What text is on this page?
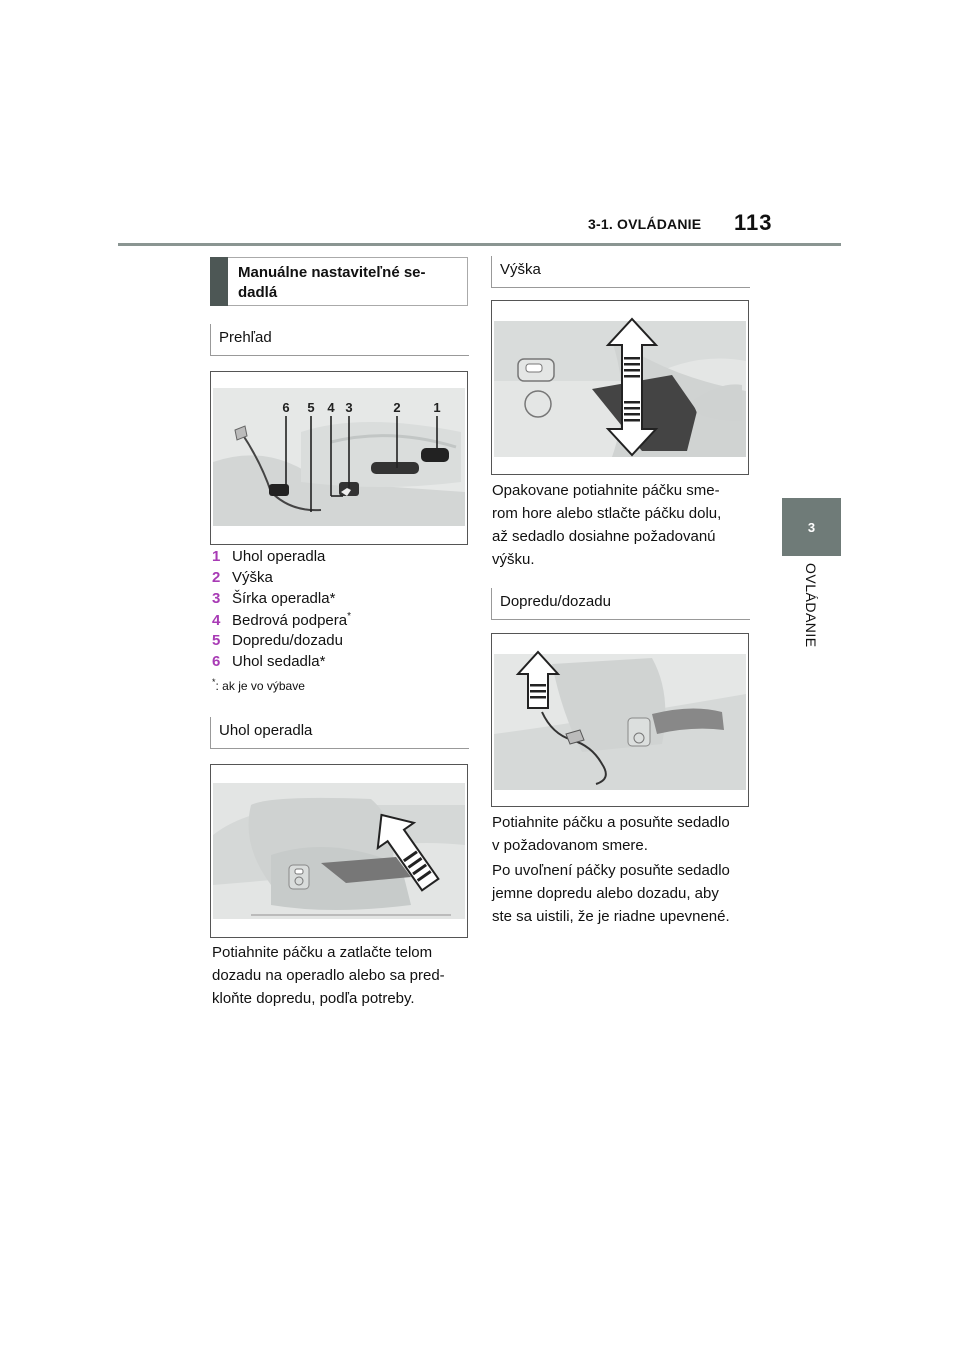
3-1. OVLÁDANIE 113
3
OVLÁDANIE
Manuálne nastaviteľné se-
dadlá
Prehľad
6 5 4 3	2	1
1 Uhol operadla
2 Výška
3 Šírka operadla*
4 Bedrová podpera*
5 Dopredu/dozadu
6 Uhol sedadla*
*: ak je vo výbave
Uhol operadla
Potiahnite páčku a zatlačte telom
dozadu na operadlo alebo sa pred-
kloňte dopredu, podľa potreby.
Výška
Opakovane potiahnite páčku sme-
rom hore alebo stlačte páčku dolu,
až sedadlo dosiahne požadovanú
výšku.
Dopredu/dozadu
Potiahnite páčku a posuňte sedadlo
v požadovanom smere.
Po uvoľnení páčky posuňte sedadlo
jemne dopredu alebo dozadu, aby
ste sa uistili, že je riadne upevnené.
